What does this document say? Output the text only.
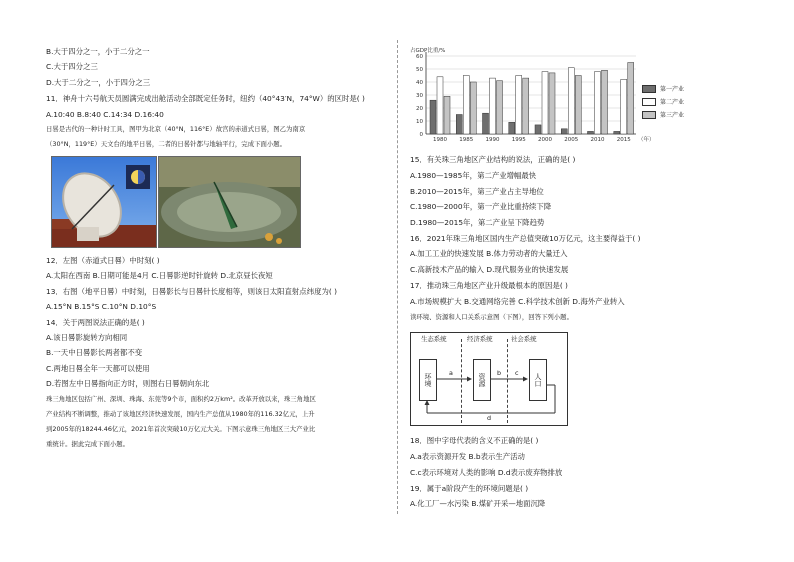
B.大于四分之一，小于二分之一
C.大于四分之三
D.大于二分之一，小于四分之三
11．神舟十六号航天员圆满完成出舱活动全部既定任务时，纽约（40°43′N，74°W）的区时是( )
A.10:40 B.8:40 C.14:34 D.16:40
日晷是古代的一种计时工具，图甲为北京（40°N，116°E）故宫的赤道式日晷，图乙为南京
（30°N，119°E）天文台的地平日晷，二者的日晷针都与地轴平行，完成下面小题。
12．左图（赤道式日晷）中时刻( )
A.太阳在西南 B.日期可能是4月 C.日晷影逆时针旋转 D.北京昼长夜短
13．右图（地平日晷）中时刻，日晷影长与日晷针长度相等，则该日太阳直射点纬度为( )
A.15°N B.15°S C.10°N D.10°S
14．关于两图说法正确的是( )
A.该日晷影旋转方向相同
B.一天中日晷影长两者都不变
C.两地日晷全年一天都可以使用
D.若图左中日晷指向正方时，则图右日晷朝向东北
珠三角地区包括广州、深圳、珠海、东莞等9个市，面积约2万km²。改革开放以来，珠三角地区
产业结构不断调整，推动了该地区经济快速发展，国内生产总值从1980年的116.32亿元，上升
到2005年的18244.46亿元，2021年首次突破10万亿元大关。下图示意珠三角地区三大产业比
重统计。据此完成下面小题。
0
10
20
30
40
50
60
占GDP比重/%
1980 1985 1990 1995 2000 2005 2010 2015 （年）
第一产业
第二产业
第三产业
15．有关珠三角地区产业结构的说法，正确的是( )
A.1980—1985年，第二产业增幅最快
B.2010—2015年，第三产业占主导地位
C.1980—2000年，第一产业比重持续下降
D.1980—2015年，第二产业呈下降趋势
16．2021年珠三角地区国内生产总值突破10万亿元，这主要得益于( )
A.加工工业的快速发展 B.体力劳动者的大量迁入
C.高新技术产品的输入 D.现代服务业的快速发展
17．推动珠三角地区产业升级最根本的原因是( )
A.市场规模扩大 B.交通网络完善 C.科学技术创新 D.海外产业转入
读环境、资源和人口关系示意图（下图），回答下列小题。
生态系统	经济系统	社会系统
环境	资源	人口
a	b c
d
18．图中字母代表的含义不正确的是( )
A.a表示资源开发 B.b表示生产活动
C.c表示环境对人类的影响 D.d表示废弃物排放
19．属于a阶段产生的环境问题是( )
A.化工厂—水污染 B.煤矿开采—地面沉降
